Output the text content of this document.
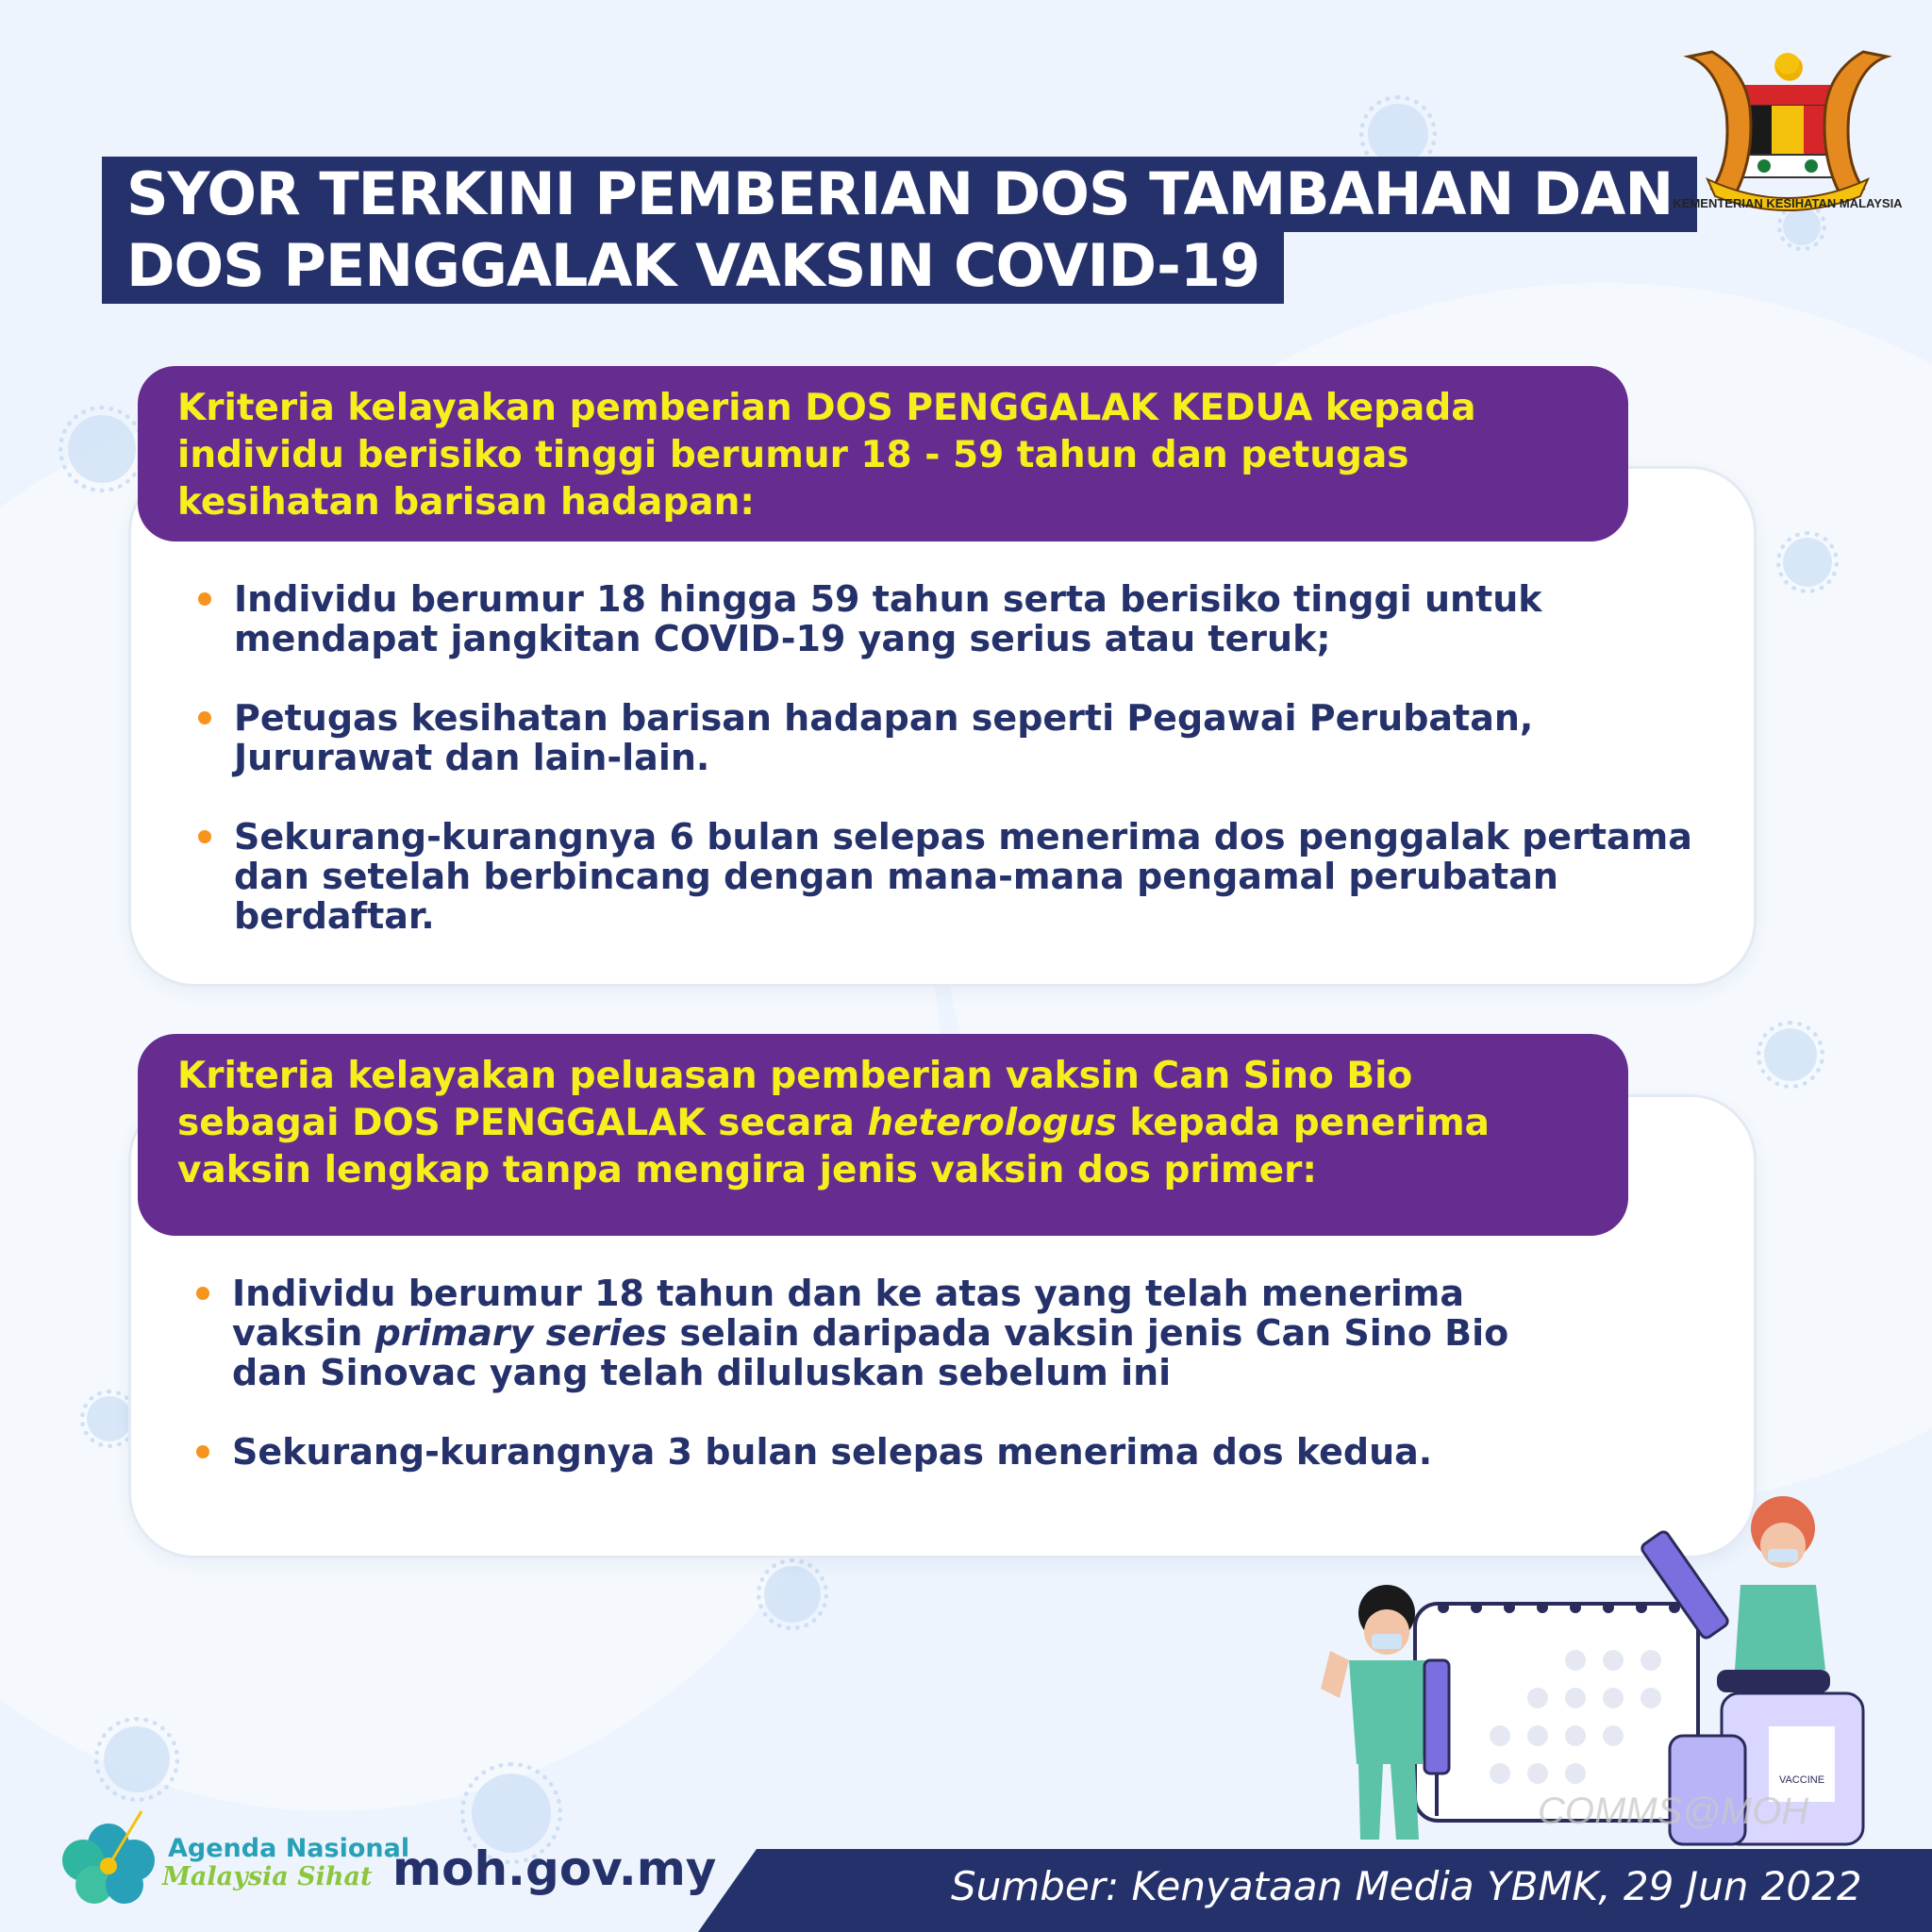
SYOR TERKINI PEMBERIAN DOS TAMBAHAN DAN
DOS PENGGALAK VAKSIN COVID-19
KEMENTERIAN KESIHATAN MALAYSIA
Kriteria kelayakan pemberian DOS PENGGALAK KEDUA kepada individu berisiko tinggi berumur 18 - 59 tahun dan petugas kesihatan barisan hadapan:
Individu berumur 18 hingga 59 tahun serta berisiko tinggi untuk mendapat jangkitan COVID-19 yang serius atau teruk;
Petugas kesihatan barisan hadapan seperti Pegawai Perubatan, Jururawat dan lain-lain.
Sekurang-kurangnya 6 bulan selepas menerima dos penggalak pertama dan setelah berbincang dengan mana-mana pengamal perubatan berdaftar.
Kriteria kelayakan peluasan pemberian vaksin Can Sino Bio sebagai DOS PENGGALAK secara heterologus kepada penerima vaksin lengkap tanpa mengira jenis vaksin dos primer:
Individu berumur 18 tahun dan ke atas yang telah menerima vaksin primary series selain daripada vaksin jenis Can Sino Bio dan Sinovac yang telah diluluskan sebelum ini
Sekurang-kurangnya 3 bulan selepas menerima dos kedua.
VACCINE
COMMS@MOH
Agenda Nasional
Malaysia Sihat moh.gov.my	Sumber: Kenyataan Media YBMK, 29 Jun 2022
